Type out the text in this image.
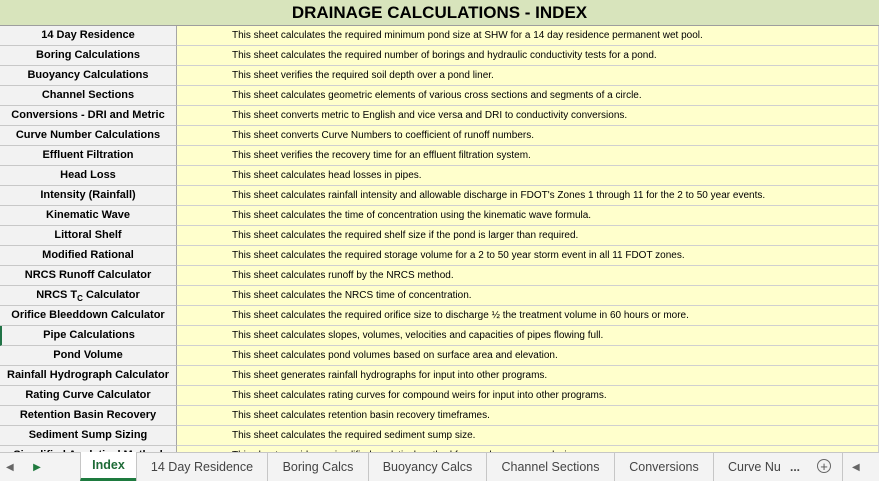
DRAINAGE CALCULATIONS - INDEX
14 Day Residence	This sheet calculates the required minimum pond size at SHW for a 14 day residence permanent wet pool.
Boring Calculations	This sheet calculates the required number of borings and hydraulic conductivity tests for a pond.
Buoyancy Calculations	This sheet verifies the required soil depth over a pond liner.
Channel Sections	This sheet calculates geometric elements of various cross sections and segments of a circle.
Conversions - DRI and Metric	This sheet converts metric to English and vice versa and DRI to conductivity conversions.
Curve Number Calculations	This sheet converts Curve Numbers to coefficient of runoff numbers.
Effluent Filtration	This sheet verifies the recovery time for an effluent filtration system.
Head Loss	This sheet calculates head losses in pipes.
Intensity (Rainfall)	This sheet calculates rainfall intensity and allowable discharge in FDOT's Zones 1 through 11 for the 2 to 50 year events.
Kinematic Wave	This sheet calculates the time of concentration using the kinematic wave formula.
Littoral Shelf	This sheet calculates the required shelf size if the pond is larger than required.
Modified Rational	This sheet calculates the required storage volume for a 2 to 50 year storm event in all 11 FDOT zones.
NRCS Runoff Calculator	This sheet calculates runoff by the NRCS method.
NRCS $T_C$ Calculator	This sheet calculates the NRCS time of concentration.
Orifice Bleeddown Calculator	This sheet calculates the required orifice size to discharge ½ the treatment volume in 60 hours or more.
Pipe Calculations	This sheet calculates slopes, volumes, velocities and capacities of pipes flowing full.
Pond Volume	This sheet calculates pond volumes based on surface area and elevation.
Rainfall Hydrograph Calculator	This sheet generates rainfall hydrographs for input into other programs.
Rating Curve Calculator	This sheet calculates rating curves for compound weirs for input into other programs.
Retention Basin Recovery	This sheet calculates retention basin recovery timeframes.
Sediment Sump Sizing	This sheet calculates the required sediment sump size.
◀	▶	Index	14 Day Residence	Boring Calcs	Buoyancy Calcs	Channel Sections	Conversions	Curve Nu ... +	◀
